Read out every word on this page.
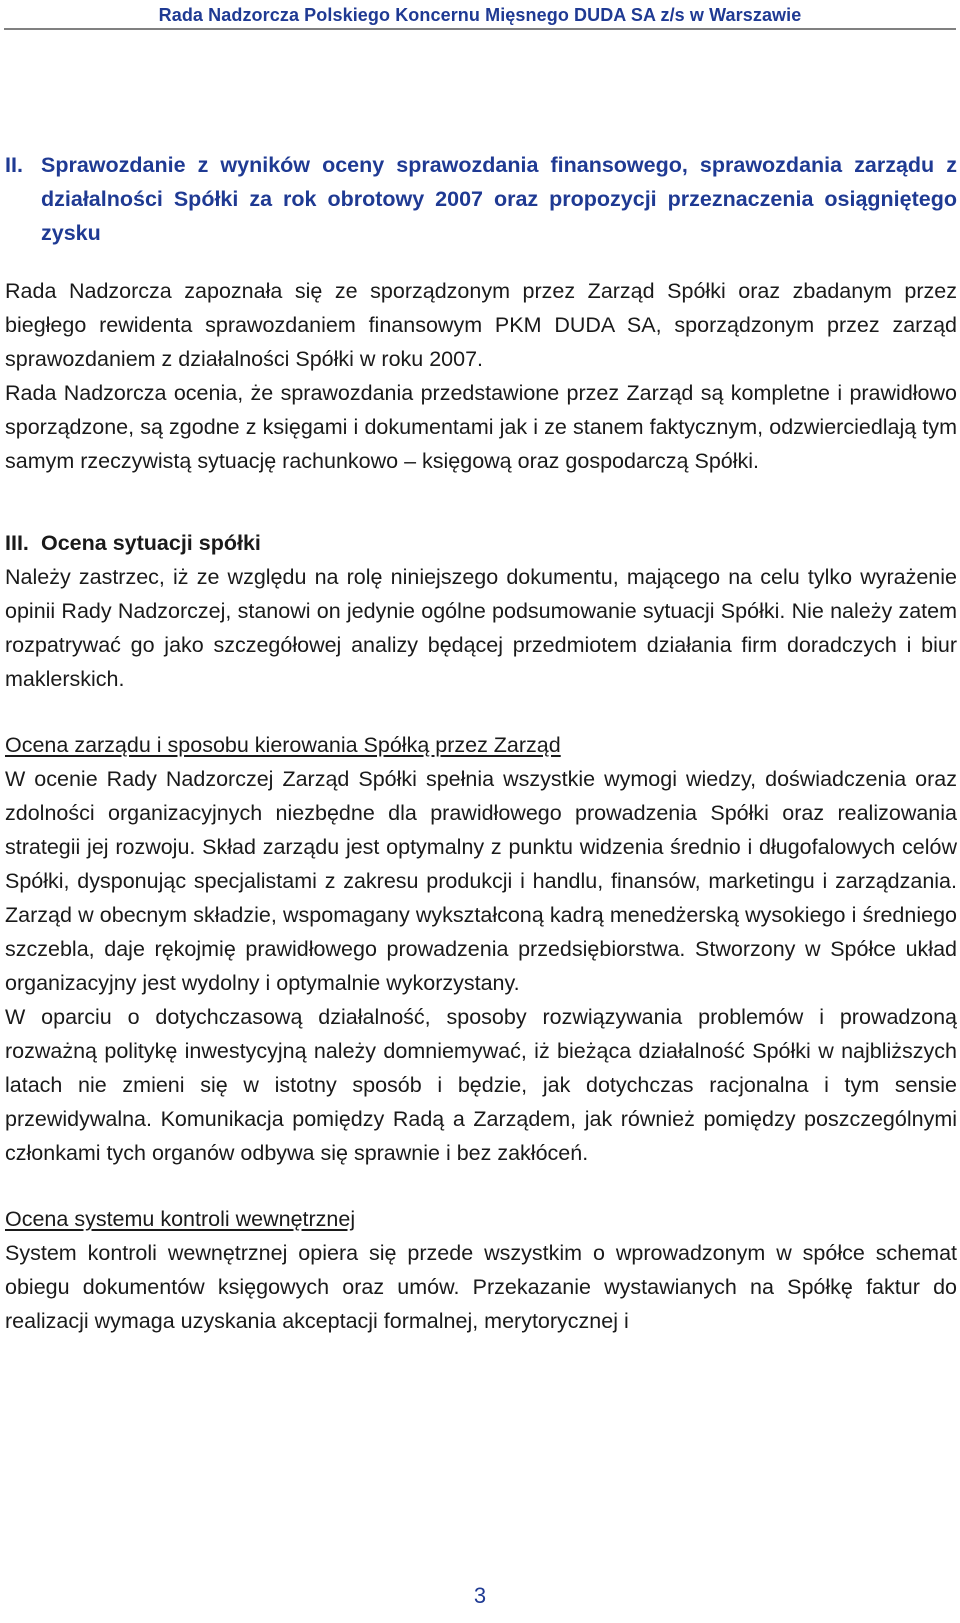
Rada Nadzorcza Polskiego Koncernu Mięsnego DUDA SA z/s w Warszawie
II. Sprawozdanie z wyników oceny sprawozdania finansowego, sprawozdania zarządu z działalności Spółki za rok obrotowy 2007 oraz propozycji przeznaczenia osiągniętego zysku

Rada Nadzorcza zapoznała się ze sporządzonym przez Zarząd Spółki oraz zbadanym przez biegłego rewidenta sprawozdaniem finansowym PKM DUDA SA, sporządzonym przez zarząd sprawozdaniem z działalności Spółki w roku 2007.

Rada Nadzorcza ocenia, że sprawozdania przedstawione przez Zarząd są kompletne i prawidłowo sporządzone, są zgodne z księgami i dokumentami jak i ze stanem faktycznym, odzwierciedlają tym samym rzeczywistą sytuację rachunkowo – księgową oraz gospodarczą Spółki.

III. Ocena sytuacji spółki

Należy zastrzec, iż ze względu na rolę niniejszego dokumentu, mającego na celu tylko wyrażenie opinii Rady Nadzorczej, stanowi on jedynie ogólne podsumowanie sytuacji Spółki. Nie należy zatem rozpatrywać go jako szczegółowej analizy będącej przedmiotem działania firm doradczych i biur maklerskich.

Ocena zarządu i sposobu kierowania Spółką przez Zarząd

W ocenie Rady Nadzorczej Zarząd Spółki spełnia wszystkie wymogi wiedzy, doświadczenia oraz zdolności organizacyjnych niezbędne dla prawidłowego prowadzenia Spółki oraz realizowania strategii jej rozwoju. Skład zarządu jest optymalny z punktu widzenia średnio i długofalowych celów Spółki, dysponując specjalistami z zakresu produkcji i handlu, finansów, marketingu i zarządzania. Zarząd w obecnym składzie, wspomagany wykształconą kadrą menedżerską wysokiego i średniego szczebla, daje rękojmię prawidłowego prowadzenia przedsiębiorstwa. Stworzony w Spółce układ organizacyjny jest wydolny i optymalnie wykorzystany.

W oparciu o dotychczasową działalność, sposoby rozwiązywania problemów i prowadzoną rozważną politykę inwestycyjną należy domniemywać, iż bieżąca działalność Spółki w najbliższych latach nie zmieni się w istotny sposób i będzie, jak dotychczas racjonalna i tym sensie przewidywalna. Komunikacja pomiędzy Radą a Zarządem, jak również pomiędzy poszczególnymi członkami tych organów odbywa się sprawnie i bez zakłóceń.

Ocena systemu kontroli wewnętrznej

System kontroli wewnętrznej opiera się przede wszystkim o wprowadzonym w spółce schemat obiegu dokumentów księgowych oraz umów. Przekazanie wystawianych na Spółkę faktur do realizacji wymaga uzyskania akceptacji formalnej, merytorycznej i

3
